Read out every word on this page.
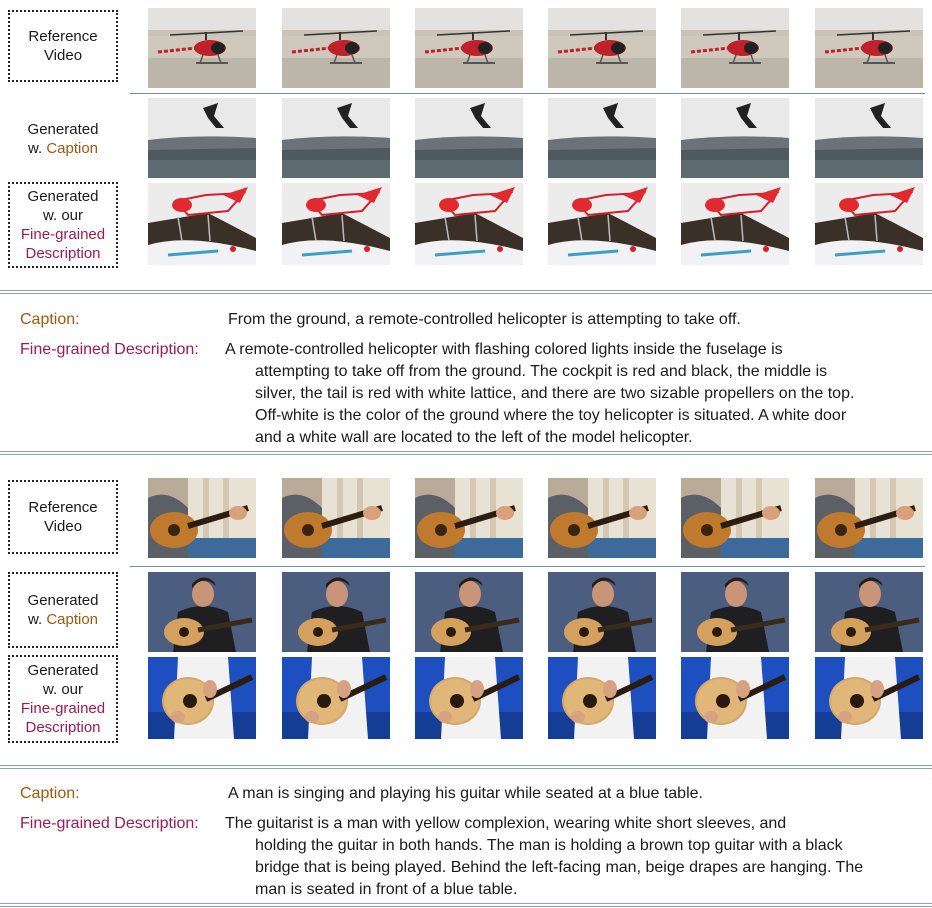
Reference
Video
Generated
w. Caption
Generated
w. our
Fine-grained
Description
Caption:	From the ground, a remote-controlled helicopter is attempting to take off.
Fine-grained Description: A remote-controlled helicopter with flashing colored lights inside the fuselage is
attempting to take off from the ground. The cockpit is red and black, the middle is
silver, the tail is red with white lattice, and there are two sizable propellers on the top.
Off-white is the color of the ground where the toy helicopter is situated. A white door
and a white wall are located to the left of the model helicopter.
Reference
Video
Generated
w. Caption
Generated
w. our
Fine-grained
Description
Caption:	A man is singing and playing his guitar while seated at a blue table.
Fine-grained Description: The guitarist is a man with yellow complexion, wearing white short sleeves, and
holding the guitar in both hands. The man is holding a brown top guitar with a black
bridge that is being played. Behind the left-facing man, beige drapes are hanging. The
man is seated in front of a blue table.
